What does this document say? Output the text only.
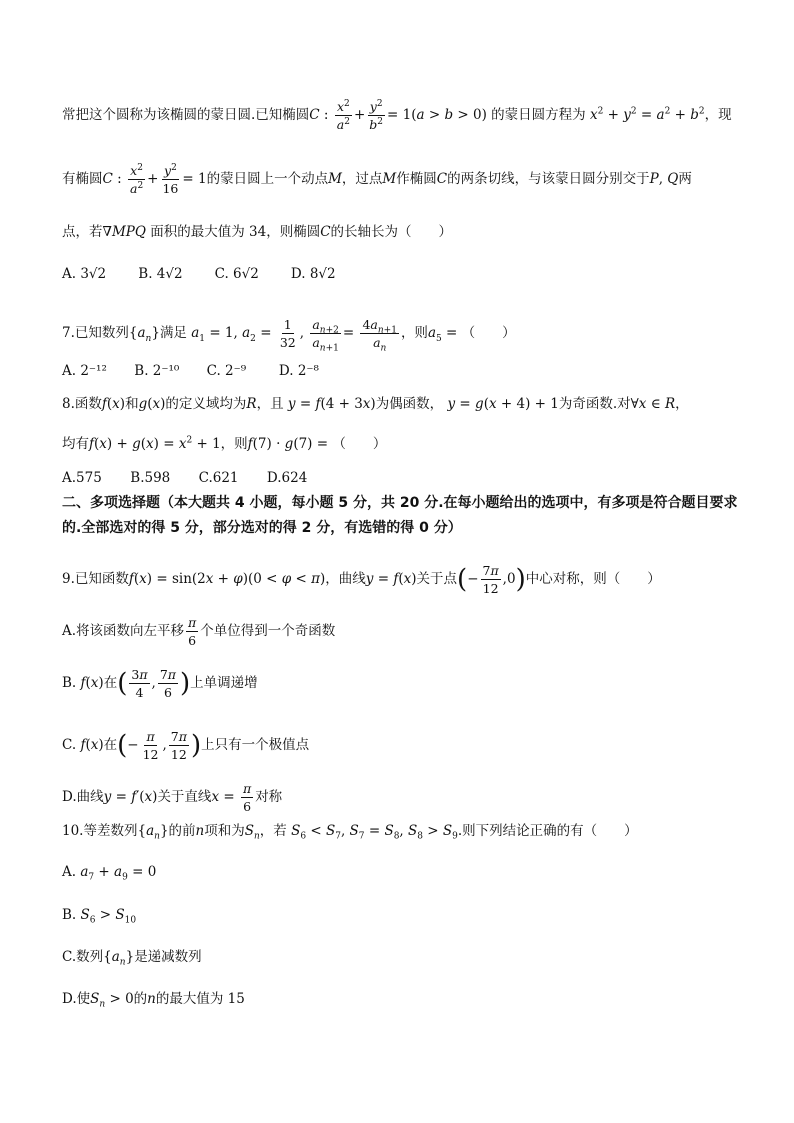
常把这个圆称为该椭圆的蒙日圆.已知椭圆C : $\frac{x^2}{a^2} + \frac{y^2}{b^2} = 1(a > b > 0)$ 的蒙日圆方程为 $x^2 + y^2 = a^2 + b^2$，现
有椭圆C : $\frac{x^2}{a^2} + \frac{y^2}{16} = 1$的蒙日圆上一个动点M，过点M作椭圆C的两条切线，与该蒙日圆分别交于P, Q两
点，若∇MPQ 面积的最大值为 34，则椭圆C的长轴长为（　　）
A. 3√2 B. 4√2 C. 6√2 D. 8√2
7.已知数列$\{a_n\}$满足 $a_1 = 1$, $a_2 = \frac{1}{32}$ , $\frac{a_{n+2}}{a_{n+1}} = \frac{4a_{n+1}}{a_n}$ ，则$a_5$ = （　　）
A. 2⁻¹² B. 2⁻¹⁰ C. 2⁻⁹ D. 2⁻⁸
8.函数f(x)和g(x)的定义域均为R，且 y = f(4 + 3x)为偶函数， y = g(x + 4) + 1为奇函数.对∀x ∈ R，
均有$f(x) + g(x) = x^2 + 1$，则f(7) · g(7) = （　　）
A.575 B.598 C.621 D.624
二、多项选择题（本大题共 4 小题，每小题 5 分，共 20 分.在每小题给出的选项中，有多项是符合题目要求的.全部选对的得 5 分，部分选对的得 2 分，有选错的得 0 分）
9.已知函数f(x) = sin(2x + φ)(0 < φ < π)，曲线y = f(x)关于点(− $\frac{7\pi}{12} ,0$)中心对称，则（　　）
A.将该函数向左平移 $\frac{\pi}{6}$ 个单位得到一个奇函数
B. f(x)在( $\frac{3\pi}{4}$ , $\frac{7\pi}{6}$ )上单调递增
C. f(x)在(− $\frac{\pi}{12}$ , $\frac{7\pi}{12}$ )上只有一个极值点
D.曲线y = f′(x)关于直线$x = \frac{\pi}{6}$ 对称
10.等差数列$\{a_n\}$的前n项和为$S_n$，若 $S_6 < S_7$, $S_7 = S_8$, $S_8 > S_9$.则下列结论正确的有（　　）
A. $a_7 + a_9 = 0$
B. $S_6 > S_{10}$
C.数列$\{a_n\}$是递减数列
D.使$S_n > 0$的n的最大值为 15
